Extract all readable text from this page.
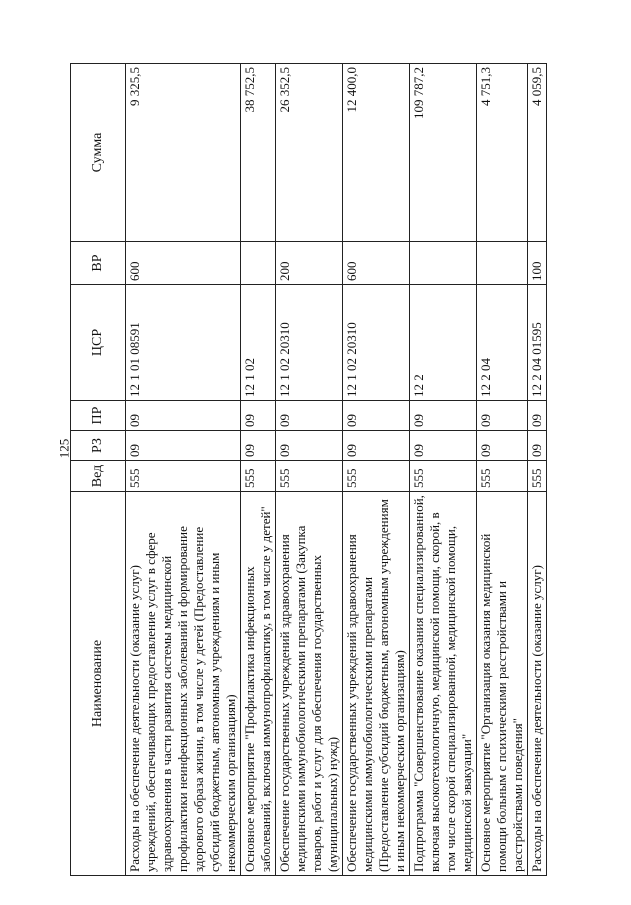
125
Наименование	Вед	РЗ	ПР	ЦСР	ВР	Сумма
Расходы на обеспечение деятельности (оказание услуг) учреждений, обеспечивающих предоставление услуг в сфере здравоохранения в части развития системы медицинской профилактики неинфекционных заболеваний и формирование здорового образа жизни, в том числе у детей (Предоставление субсидий бюджетным, автономным учреждениям и иным некоммерческим организациям)	555	09	09	12 1 01 08591	600	9 325,5
Основное мероприятие "Профилактика инфекционных заболеваний, включая иммунопрофилактику, в том числе у детей"	555	09	09	12 1 02		38 752,5
Обеспечение государственных учреждений здравоохранения медицинскими иммунобиологическими препаратами (Закупка товаров, работ и услуг для обеспечения государственных (муниципальных) нужд)	555	09	09	12 1 02 20310	200	26 352,5
Обеспечение государственных учреждений здравоохранения медицинскими иммунобиологическими препаратами (Предоставление субсидий бюджетным, автономным учреждениям и иным некоммерческим организациям)	555	09	09	12 1 02 20310	600	12 400,0
Подпрограмма "Совершенствование оказания специализированной, включая высокотехнологичную, медицинской помощи, скорой, в том числе скорой специализированной, медицинской помощи, медицинской эвакуации"	555	09	09	12 2		109 787,2
Основное мероприятие "Организация оказания медицинской помощи больным с психическими расстройствами и расстройствами поведения"	555	09	09	12 2 04		4 751,3
Расходы на обеспечение деятельности (оказание услуг)	555	09	09	12 2 04 01595	100	4 059,5
